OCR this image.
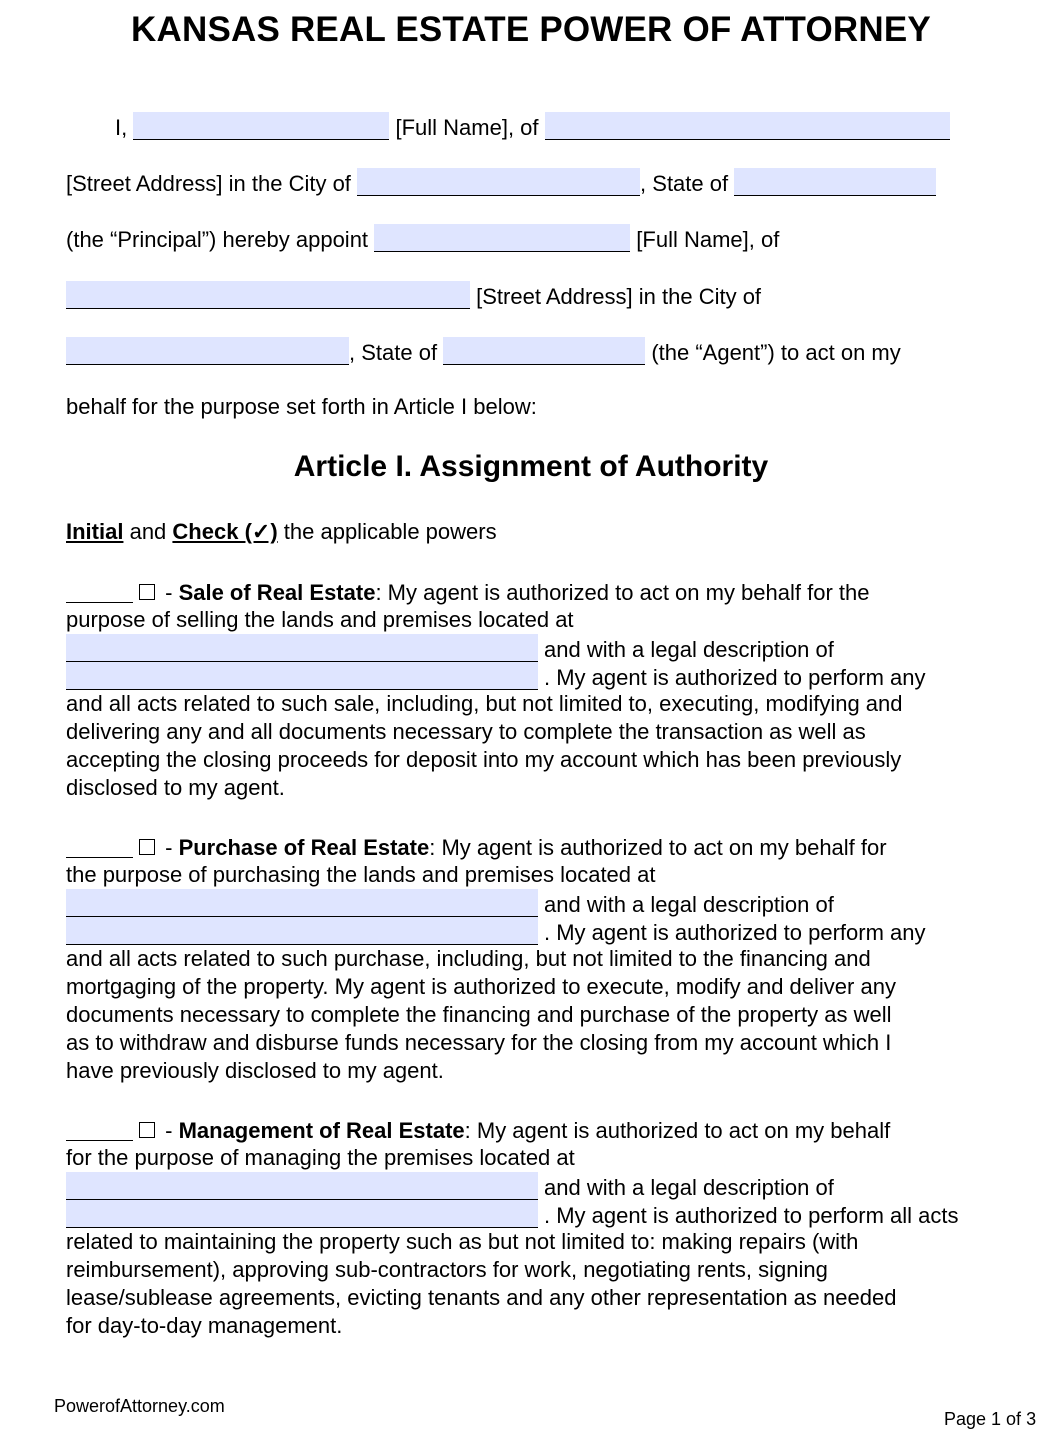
KANSAS REAL ESTATE POWER OF ATTORNEY
I,	[Full Name], of
[Street Address] in the City of	, State of
(the “Principal”) hereby appoint	[Full Name], of
[Street Address] in the City of
, State of	(the “Agent”) to act on my
behalf for the purpose set forth in Article I below:
Article I. Assignment of Authority
Initial and Check (✓) the applicable powers
- Sale of Real Estate: My agent is authorized to act on my behalf for the
purpose of selling the lands and premises located at
and with a legal description of
. My agent is authorized to perform any
and all acts related to such sale, including, but not limited to, executing, modifying and
delivering any and all documents necessary to complete the transaction as well as
accepting the closing proceeds for deposit into my account which has been previously
disclosed to my agent.
- Purchase of Real Estate: My agent is authorized to act on my behalf for
the purpose of purchasing the lands and premises located at
and with a legal description of
. My agent is authorized to perform any
and all acts related to such purchase, including, but not limited to the financing and
mortgaging of the property. My agent is authorized to execute, modify and deliver any
documents necessary to complete the financing and purchase of the property as well
as to withdraw and disburse funds necessary for the closing from my account which I
have previously disclosed to my agent.
- Management of Real Estate: My agent is authorized to act on my behalf
for the purpose of managing the premises located at
and with a legal description of
. My agent is authorized to perform all acts
related to maintaining the property such as but not limited to: making repairs (with
reimbursement), approving sub-contractors for work, negotiating rents, signing
lease/sublease agreements, evicting tenants and any other representation as needed
for day-to-day management.
PowerofAttorney.com
Page 1 of 3
